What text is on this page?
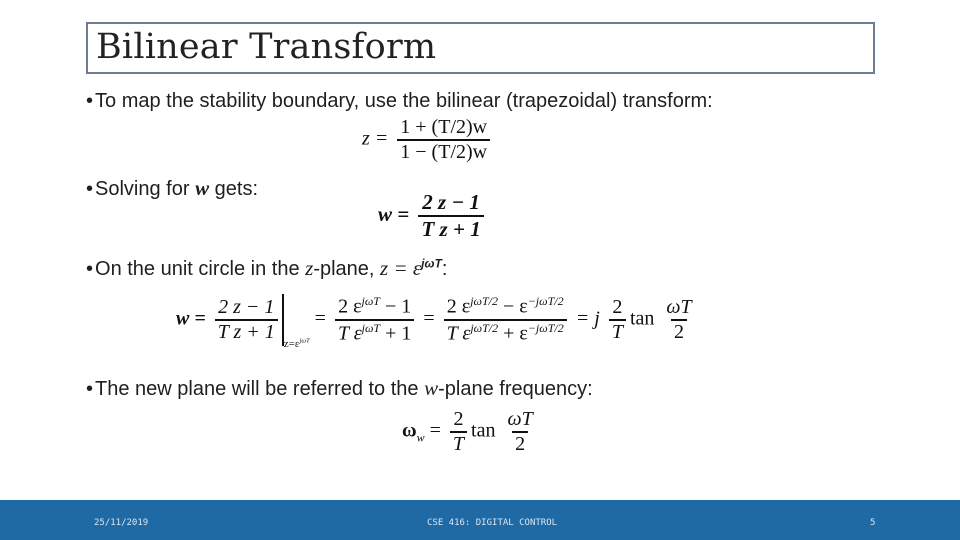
Bilinear Transform
• To map the stability boundary, use the bilinear (trapezoidal) transform:
$z = \frac{1 + (T/2)w}{1 - (T/2)w}$
• Solving for w gets:
$w = \frac{2 z - 1}{\text{T z + 1}}$
• On the unit circle in the z-plane, $z = \varepsilon^{j\omega T}$:
$w = \frac{2 z - 1}{\text{T z + 1}} _{z=\varepsilon^{j\omega T}} = \frac{2 \varepsilon^{j\omega T} - 1}{T \varepsilon^{j\omega T} + 1} = \frac{2 \varepsilon^{j\omega T/2} - \varepsilon^{-j\omega T/2}}{T \varepsilon^{j\omega T/2} + \varepsilon^{-j\omega T/2}} = j \frac{2}{T}$ $\tan \frac{\omega T}{2}$
• The new plane will be referred to the w-plane frequency:
$\omega_w = \frac{2}{T}$ $\tan \frac{\omega T}{2}$
25/11/2019	CSE 416: DIGITAL CONTROL	5
